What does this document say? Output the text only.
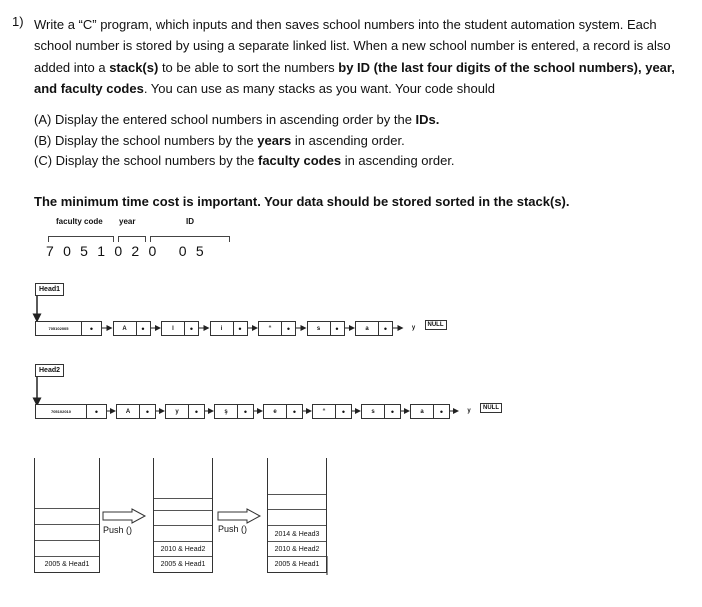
1) Write a “C” program, which inputs and then saves school numbers into the student automation system. Each school number is stored by using a separate linked list. When a new school number is entered, a record is also added into a stack(s) to be able to sort the numbers by ID (the last four digits of the school numbers), year, and faculty codes. You can use as many stacks as you want. Your code should
(A) Display the entered school numbers in ascending order by the IDs.
(B) Display the school numbers by the years in ascending order.
(C) Display the school numbers by the faculty codes in ascending order.
The minimum time cost is important. Your data should be stored sorted in the stack(s).
faculty code year	ID
7051020 05
Head1
705102005	•	A	•	l	•	i	•	‘‘	•	s	•	a	•	y	NULL
Head2
705102010	•	A	•	y	•	ş	•	e	•	‘‘	•	s	•	a	•	y	NULL
2005 & Head1
Push ()
2010 & Head2
2005 & Head1
Push ()	2014 & Head3
2010 & Head2
2005 & Head1
